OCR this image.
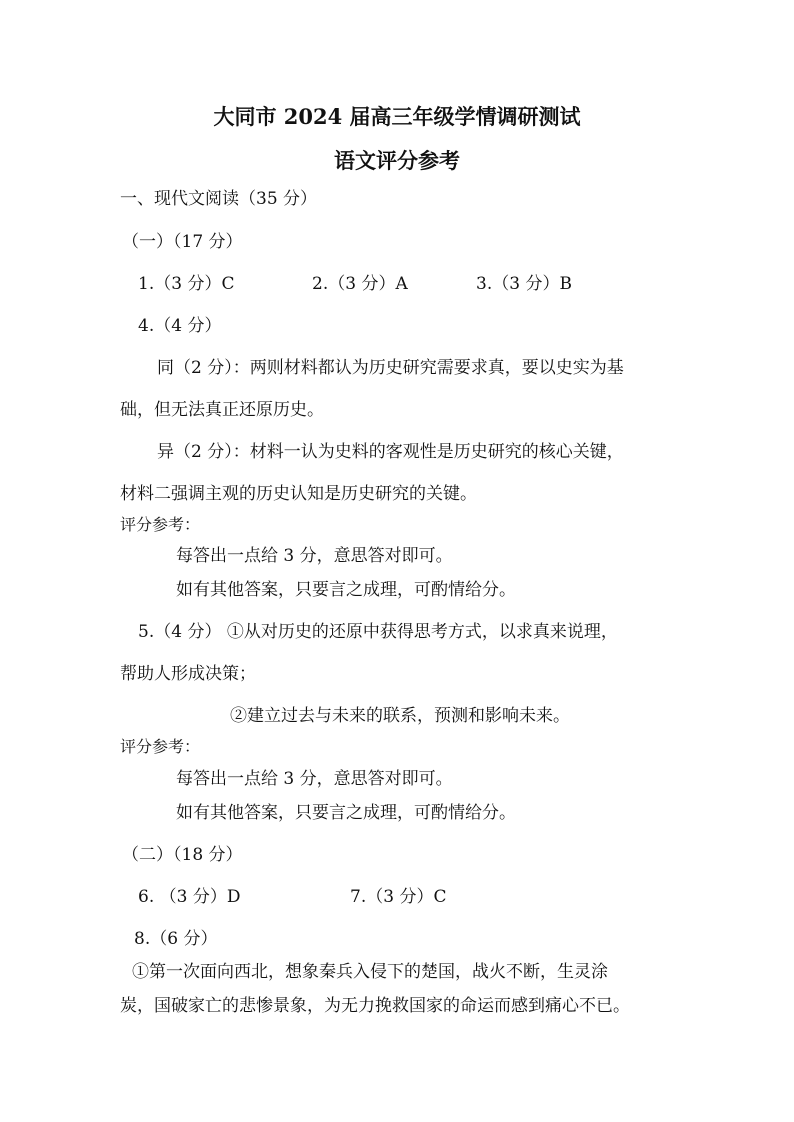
大同市 2024 届高三年级学情调研测试
语文评分参考
一、现代文阅读（35 分）
（一）（17 分）
1.（3 分）C	2.（3 分）A	3.（3 分）B
4.（4 分）
同（2 分）：两则材料都认为历史研究需要求真，要以史实为基
础，但无法真正还原历史。
异（2 分）：材料一认为史料的客观性是历史研究的核心关键，
材料二强调主观的历史认知是历史研究的关键。
评分参考：
每答出一点给 3 分，意思答对即可。
如有其他答案，只要言之成理，可酌情给分。
5.（4 分） ①从对历史的还原中获得思考方式，以求真来说理，
帮助人形成决策；
②建立过去与未来的联系，预测和影响未来。
评分参考：
每答出一点给 3 分，意思答对即可。
如有其他答案，只要言之成理，可酌情给分。
（二）（18 分）
6. （3 分）D	7.（3 分）C
8.（6 分）
①第一次面向西北，想象秦兵入侵下的楚国，战火不断，生灵涂
炭，国破家亡的悲惨景象，为无力挽救国家的命运而感到痛心不已。
